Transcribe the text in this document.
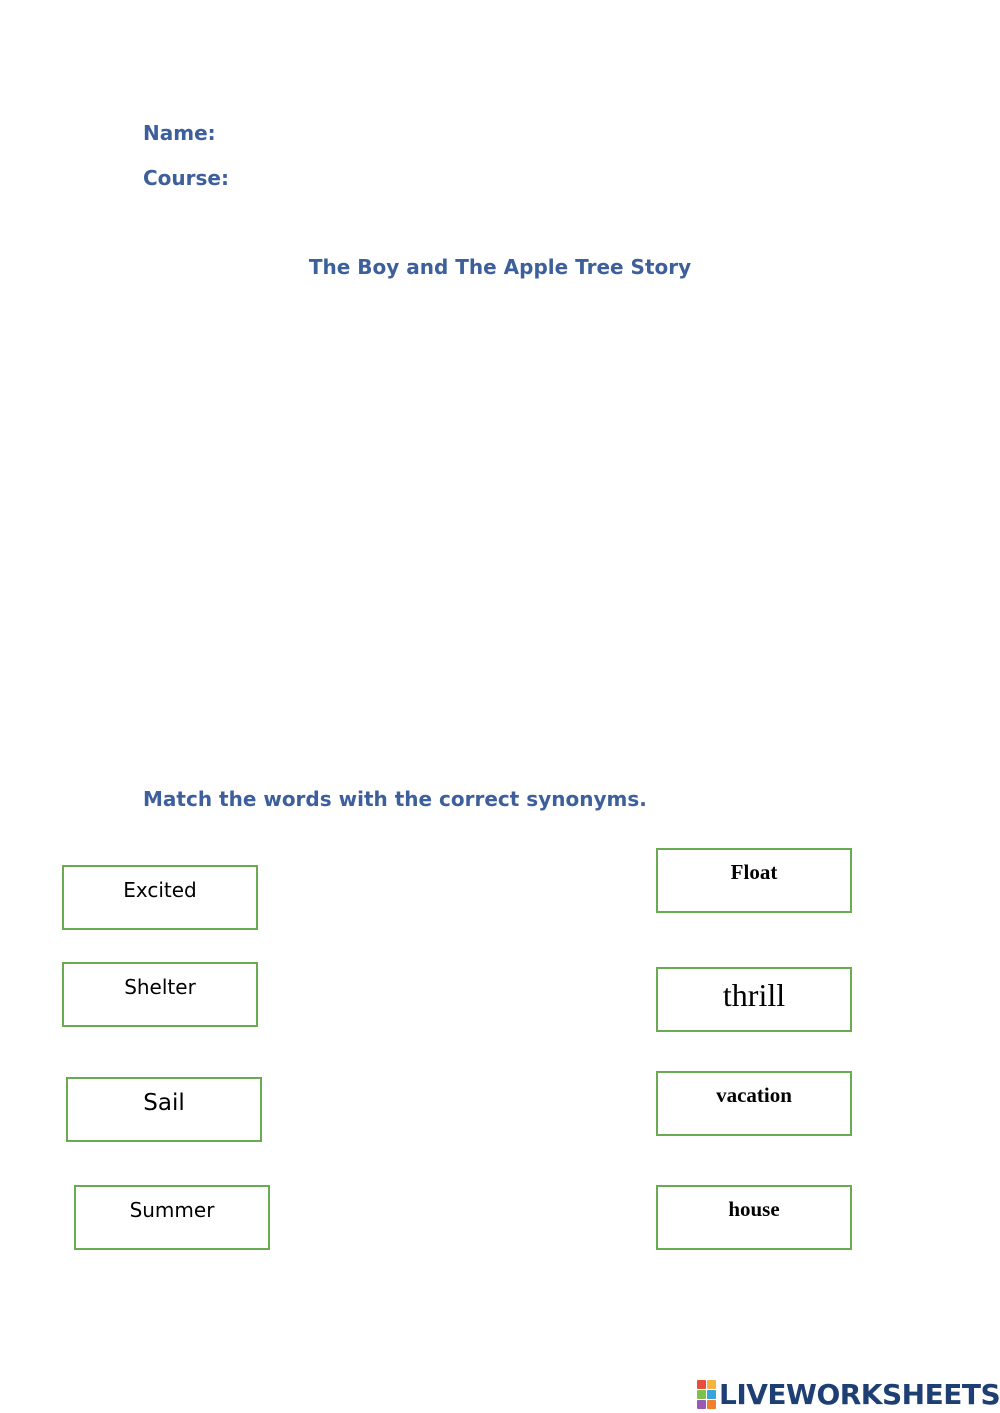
Name:
Course:
The Boy and The Apple Tree Story
Match the words with the correct synonyms.
Excited
Shelter
Sail
Summer
Float
thrill
vacation
house
LIVEWORKSHEETS
